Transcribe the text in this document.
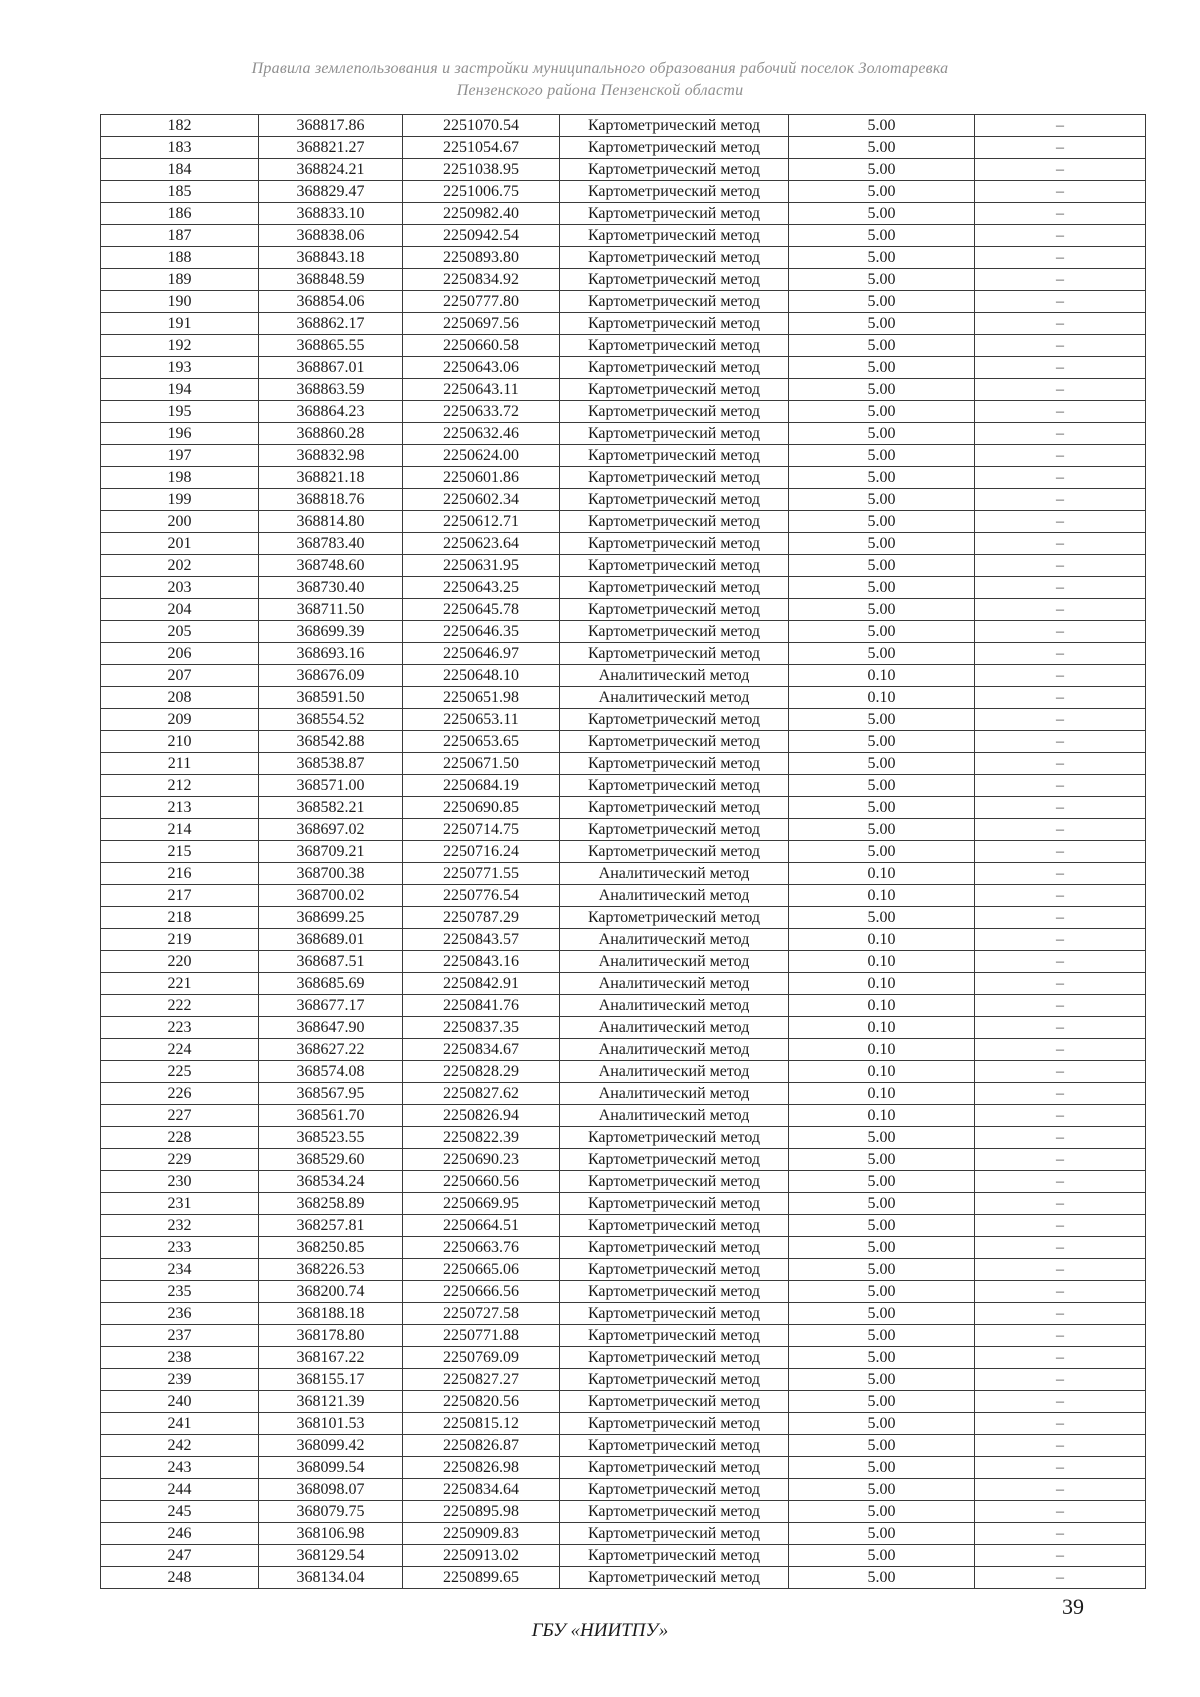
Правила землепользования и застройки муниципального образования рабочий поселок Золотаревка
Пензенского района Пензенской области
182	368817.86	2251070.54	Картометрический метод	5.00	–
183	368821.27	2251054.67	Картометрический метод	5.00	–
184	368824.21	2251038.95	Картометрический метод	5.00	–
185	368829.47	2251006.75	Картометрический метод	5.00	–
186	368833.10	2250982.40	Картометрический метод	5.00	–
187	368838.06	2250942.54	Картометрический метод	5.00	–
188	368843.18	2250893.80	Картометрический метод	5.00	–
189	368848.59	2250834.92	Картометрический метод	5.00	–
190	368854.06	2250777.80	Картометрический метод	5.00	–
191	368862.17	2250697.56	Картометрический метод	5.00	–
192	368865.55	2250660.58	Картометрический метод	5.00	–
193	368867.01	2250643.06	Картометрический метод	5.00	–
194	368863.59	2250643.11	Картометрический метод	5.00	–
195	368864.23	2250633.72	Картометрический метод	5.00	–
196	368860.28	2250632.46	Картометрический метод	5.00	–
197	368832.98	2250624.00	Картометрический метод	5.00	–
198	368821.18	2250601.86	Картометрический метод	5.00	–
199	368818.76	2250602.34	Картометрический метод	5.00	–
200	368814.80	2250612.71	Картометрический метод	5.00	–
201	368783.40	2250623.64	Картометрический метод	5.00	–
202	368748.60	2250631.95	Картометрический метод	5.00	–
203	368730.40	2250643.25	Картометрический метод	5.00	–
204	368711.50	2250645.78	Картометрический метод	5.00	–
205	368699.39	2250646.35	Картометрический метод	5.00	–
206	368693.16	2250646.97	Картометрический метод	5.00	–
207	368676.09	2250648.10	Аналитический метод	0.10	–
208	368591.50	2250651.98	Аналитический метод	0.10	–
209	368554.52	2250653.11	Картометрический метод	5.00	–
210	368542.88	2250653.65	Картометрический метод	5.00	–
211	368538.87	2250671.50	Картометрический метод	5.00	–
212	368571.00	2250684.19	Картометрический метод	5.00	–
213	368582.21	2250690.85	Картометрический метод	5.00	–
214	368697.02	2250714.75	Картометрический метод	5.00	–
215	368709.21	2250716.24	Картометрический метод	5.00	–
216	368700.38	2250771.55	Аналитический метод	0.10	–
217	368700.02	2250776.54	Аналитический метод	0.10	–
218	368699.25	2250787.29	Картометрический метод	5.00	–
219	368689.01	2250843.57	Аналитический метод	0.10	–
220	368687.51	2250843.16	Аналитический метод	0.10	–
221	368685.69	2250842.91	Аналитический метод	0.10	–
222	368677.17	2250841.76	Аналитический метод	0.10	–
223	368647.90	2250837.35	Аналитический метод	0.10	–
224	368627.22	2250834.67	Аналитический метод	0.10	–
225	368574.08	2250828.29	Аналитический метод	0.10	–
226	368567.95	2250827.62	Аналитический метод	0.10	–
227	368561.70	2250826.94	Аналитический метод	0.10	–
228	368523.55	2250822.39	Картометрический метод	5.00	–
229	368529.60	2250690.23	Картометрический метод	5.00	–
230	368534.24	2250660.56	Картометрический метод	5.00	–
231	368258.89	2250669.95	Картометрический метод	5.00	–
232	368257.81	2250664.51	Картометрический метод	5.00	–
233	368250.85	2250663.76	Картометрический метод	5.00	–
234	368226.53	2250665.06	Картометрический метод	5.00	–
235	368200.74	2250666.56	Картометрический метод	5.00	–
236	368188.18	2250727.58	Картометрический метод	5.00	–
237	368178.80	2250771.88	Картометрический метод	5.00	–
238	368167.22	2250769.09	Картометрический метод	5.00	–
239	368155.17	2250827.27	Картометрический метод	5.00	–
240	368121.39	2250820.56	Картометрический метод	5.00	–
241	368101.53	2250815.12	Картометрический метод	5.00	–
242	368099.42	2250826.87	Картометрический метод	5.00	–
243	368099.54	2250826.98	Картометрический метод	5.00	–
244	368098.07	2250834.64	Картометрический метод	5.00	–
245	368079.75	2250895.98	Картометрический метод	5.00	–
246	368106.98	2250909.83	Картометрический метод	5.00	–
247	368129.54	2250913.02	Картометрический метод	5.00	–
248	368134.04	2250899.65	Картометрический метод	5.00	–
39
ГБУ «НИИТПУ»
